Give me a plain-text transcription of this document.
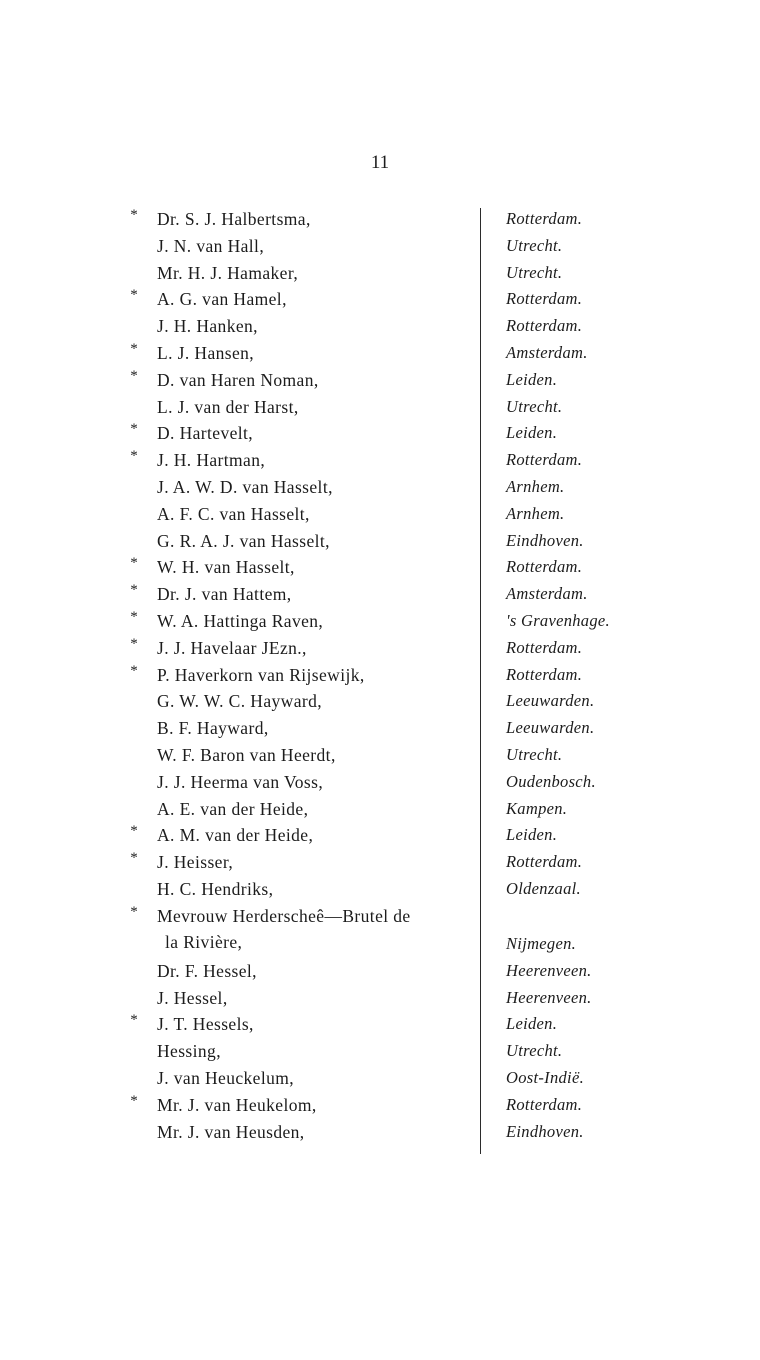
11
* Dr. S. J. Halbertsma,	Rotterdam.
J. N. van Hall,	Utrecht.
Mr. H. J. Hamaker,	Utrecht.
* A. G. van Hamel,	Rotterdam.
J. H. Hanken,	Rotterdam.
* L. J. Hansen,	Amsterdam.
* D. van Haren Noman,	Leiden.
L. J. van der Harst,	Utrecht.
* D. Hartevelt,	Leiden.
* J. H. Hartman,	Rotterdam.
J. A. W. D. van Hasselt,	Arnhem.
A. F. C. van Hasselt,	Arnhem.
G. R. A. J. van Hasselt,	Eindhoven.
* W. H. van Hasselt,	Rotterdam.
* Dr. J. van Hattem,	Amsterdam.
* W. A. Hattinga Raven,	's Gravenhage.
* J. J. Havelaar JEzn.,	Rotterdam.
* P. Haverkorn van Rijsewijk,	Rotterdam.
G. W. W. C. Hayward,	Leeuwarden.
B. F. Hayward,	Leeuwarden.
W. F. Baron van Heerdt,	Utrecht.
J. J. Heerma van Voss,	Oudenbosch.
A. E. van der Heide,	Kampen.
* A. M. van der Heide,	Leiden.
* J. Heisser,	Rotterdam.
H. C. Hendriks,	Oldenzaal.
* Mevrouw Herderscheê—Brutel de
la Rivière,	Nijmegen.
Dr. F. Hessel,	Heerenveen.
J. Hessel,	Heerenveen.
* J. T. Hessels,	Leiden.
Hessing,	Utrecht.
J. van Heuckelum,	Oost-Indië.
* Mr. J. van Heukelom,	Rotterdam.
Mr. J. van Heusden,	Eindhoven.
